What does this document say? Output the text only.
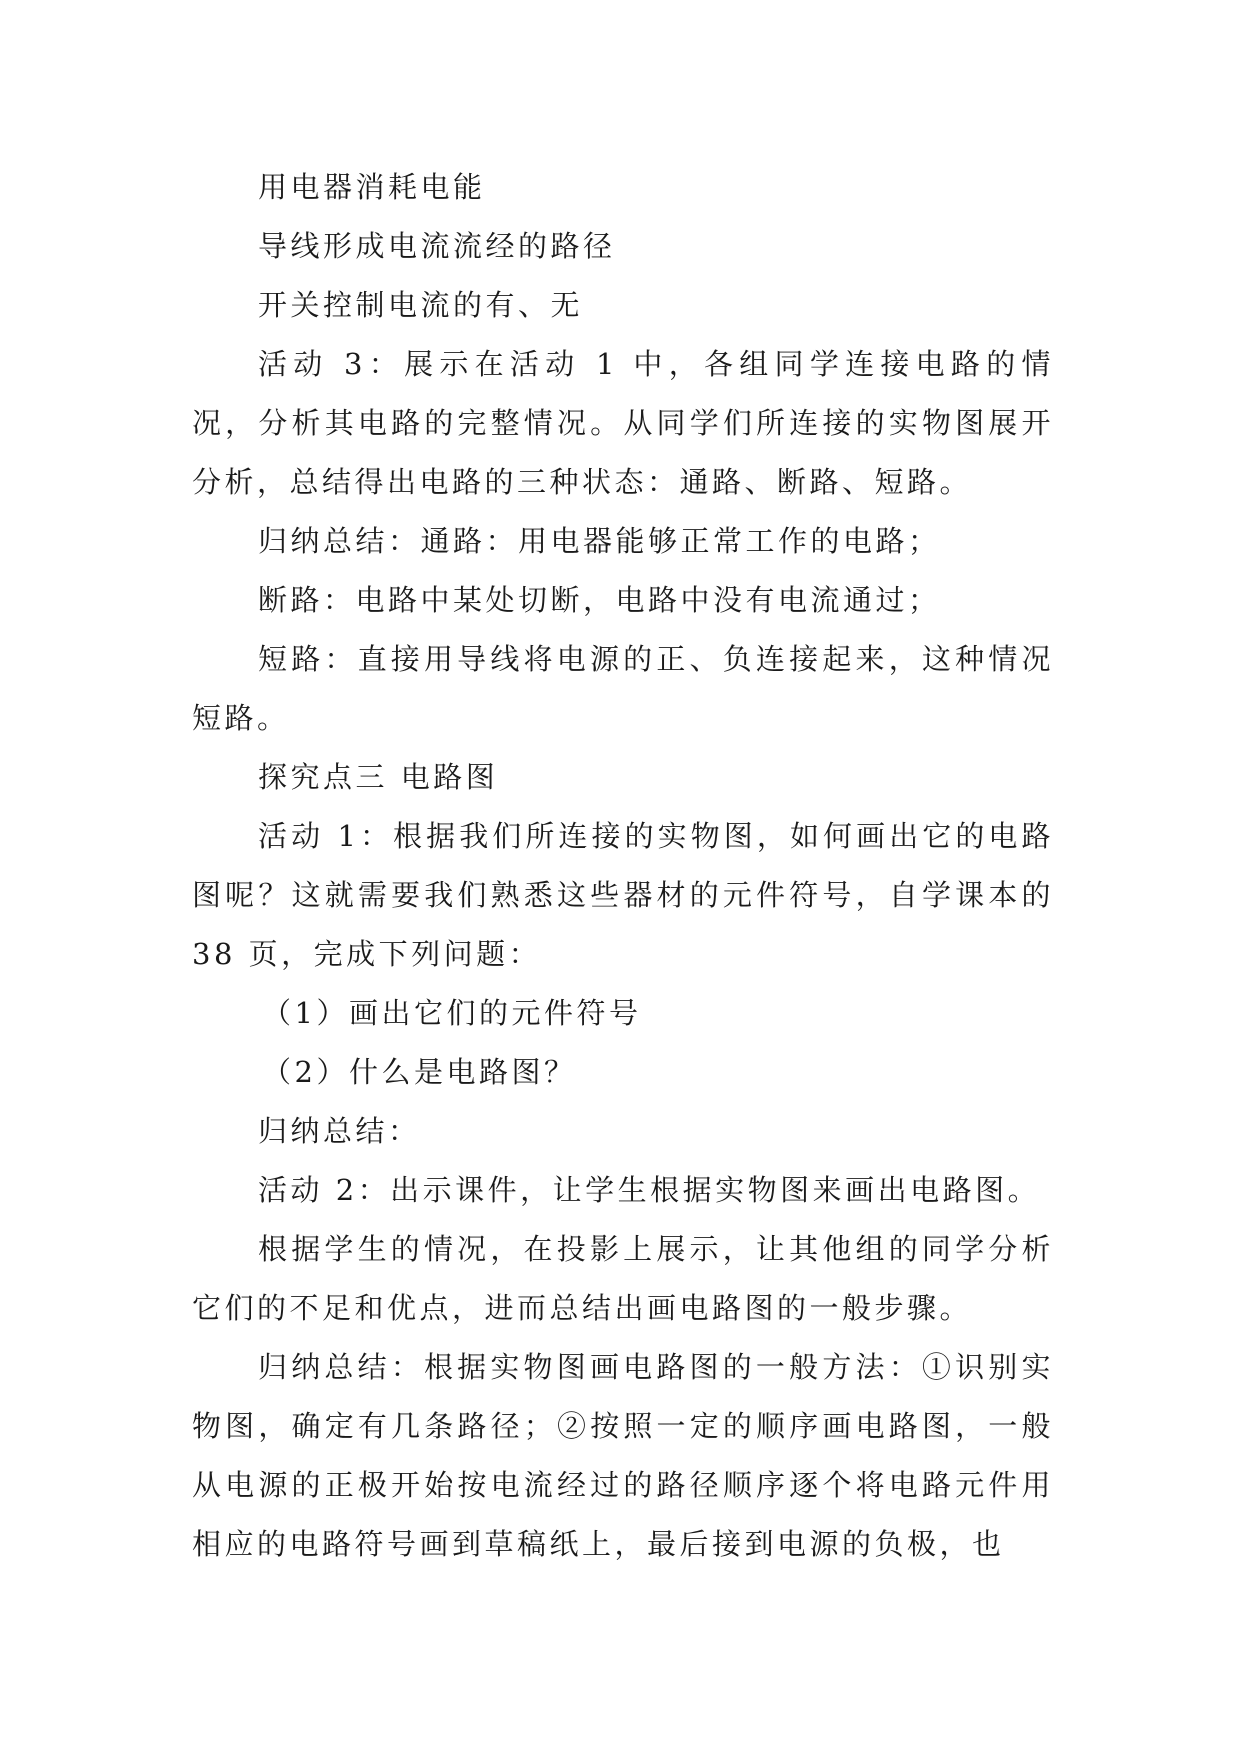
用电器消耗电能

导线形成电流流经的路径

开关控制电流的有、无

活动 3：展示在活动 1 中，各组同学连接电路的情况，分析其电路的完整情况。从同学们所连接的实物图展开分析，总结得出电路的三种状态：通路、断路、短路。

归纳总结：通路：用电器能够正常工作的电路；

断路：电路中某处切断，电路中没有电流通过；

短路：直接用导线将电源的正、负连接起来，这种情况短路。

探究点三 电路图

活动 1：根据我们所连接的实物图，如何画出它的电路图呢？这就需要我们熟悉这些器材的元件符号，自学课本的 38 页，完成下列问题：

（1）画出它们的元件符号

（2）什么是电路图？

归纳总结：

活动 2：出示课件，让学生根据实物图来画出电路图。

根据学生的情况，在投影上展示，让其他组的同学分析它们的不足和优点，进而总结出画电路图的一般步骤。

归纳总结：根据实物图画电路图的一般方法：①识别实物图，确定有几条路径；②按照一定的顺序画电路图，一般从电源的正极开始按电流经过的路径顺序逐个将电路元件用相应的电路符号画到草稿纸上，最后接到电源的负极，也
